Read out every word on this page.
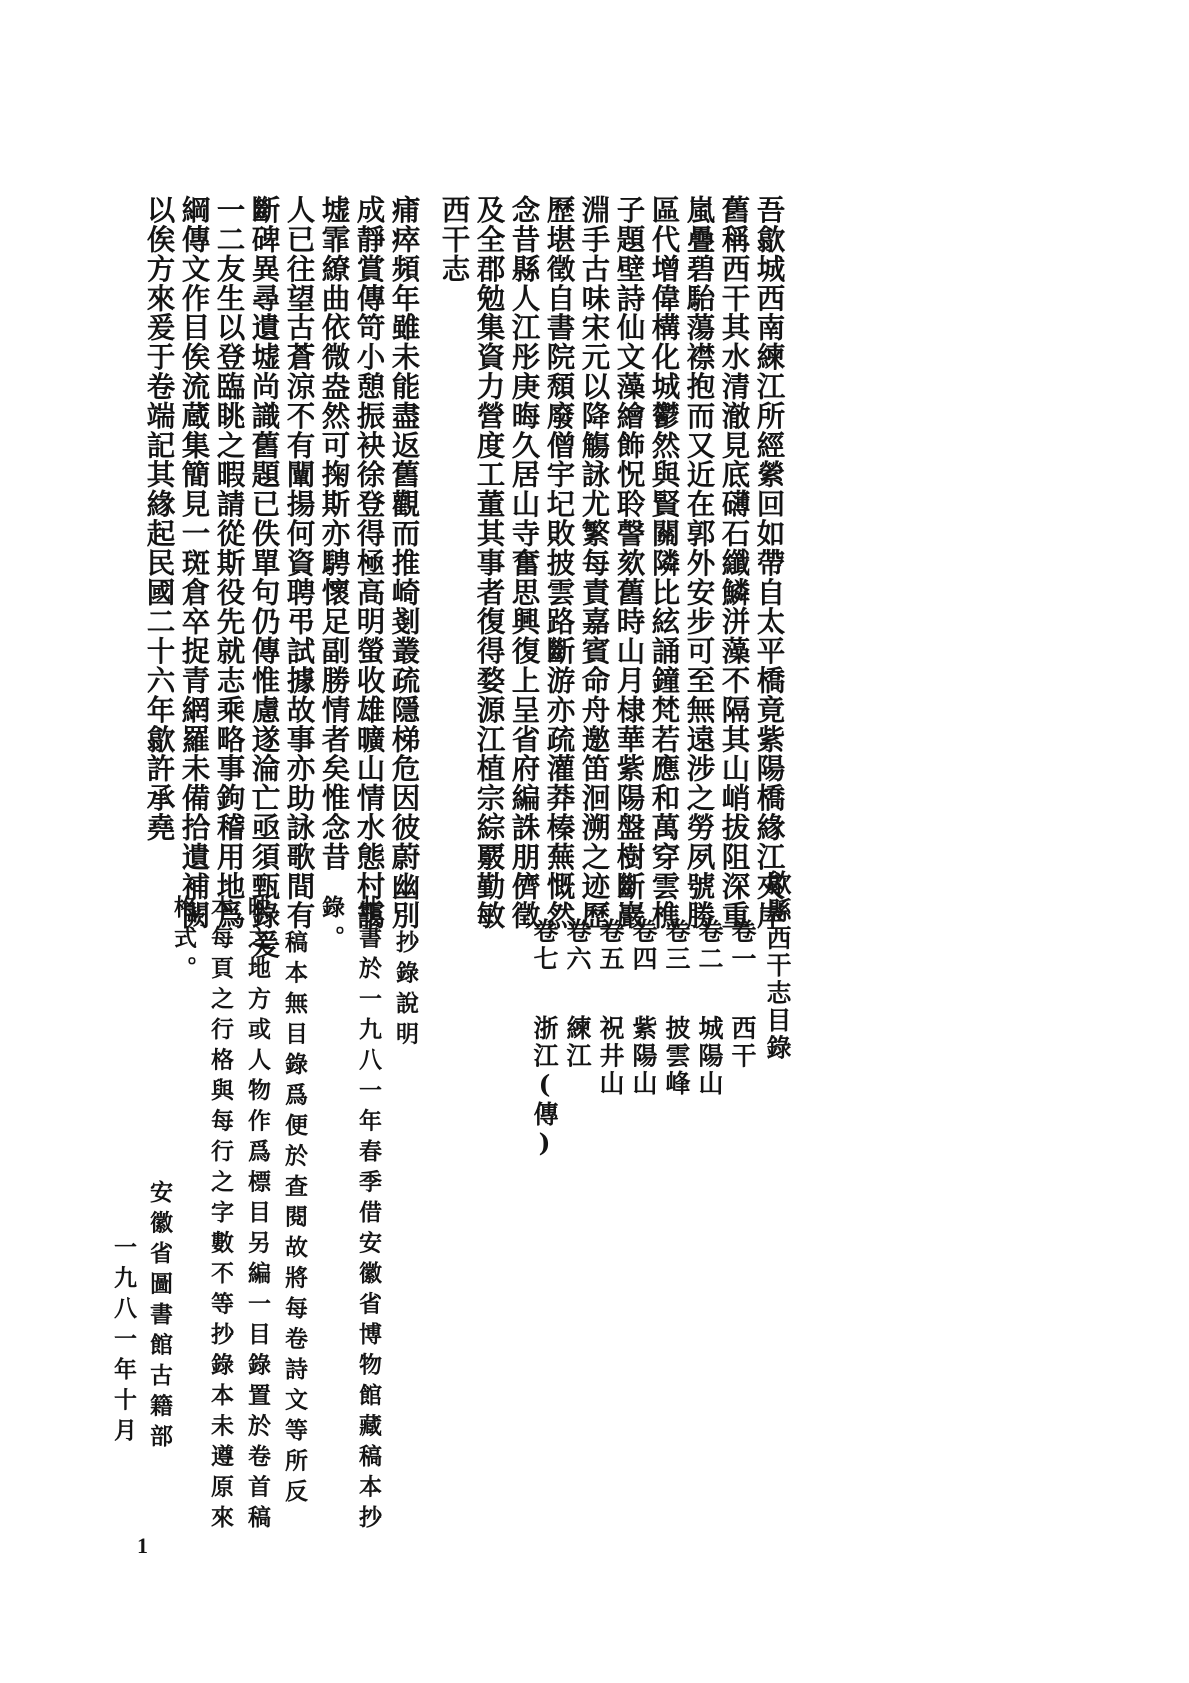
吾歙城西南練江所經縈回如帶自太平橋竟紫陽橋緣江夾岸
舊稱西干其水清澈見底礴石纖鱗洴藻不隔其山峭拔阻深重
嵐疊碧駘蕩襟抱而又近在郭外安步可至無遠涉之勞夙號勝
區代增偉構化城鬱然與賢關隣比絃誦鐘梵若應和萬穿雲樵
子題壁詩仙文藻繪飾怳聆謦欬舊時山月棣華紫陽盤樹斷巖
淵手古味宋元以降觴詠尤繁每責嘉賓命舟邀笛洄溯之迹歷
歷堪徵自書院頹廢僧宇圮敗披雲路斷游亦疏灌莽榛蕪慨然
念昔縣人江彤庚晦久居山寺奮思興復上呈省府編誅朋儕徵
及全郡勉集資力營度工董其事者復得婺源江植宗綜覈勤敏
西干志
痡瘁頻年雖未能盡返舊觀而推崎剗叢疏隱梯危因彼蔚幽別
成靜賞傳笴小憩振袂徐登得極高明螢收雄曠山情水態村靄
墟霏繚曲依微盎然可掬斯亦騁懷足副勝情者矣惟念昔
人已往望古蒼涼不有闡揚何資聘弔試據故事亦助詠歌間有
斷碑異尋遺墟尚識舊題已佚單句仍傳惟慮遂淪亡亟須甄錄爰
一二友生以登臨眺之暇請從斯役先就志乘略事鉤稽用地爲
綱傳文作目俟流蔵集簡見一斑倉卒捉青網羅未備拾遺補闕
以俟方來爰于卷端記其緣起民國二十六年歙許承堯
歙縣西干志目錄
卷一
西干
卷二
城陽山
卷三
披雲峰
卷四
紫陽山
卷五
祝井山
卷六
練江
卷七
浙江(傳)
抄錄說明
此書於一九八一年春季借安徽省博物館藏稿本抄
錄。
稿本無目錄爲便於查閱故將每卷詩文等所反
映之地方或人物作爲標目另編一目錄置於卷首稿
本每頁之行格與每行之字數不等抄錄本未遵原來
格式。
安徽省圖書館古籍部
一九八一年十月
1
